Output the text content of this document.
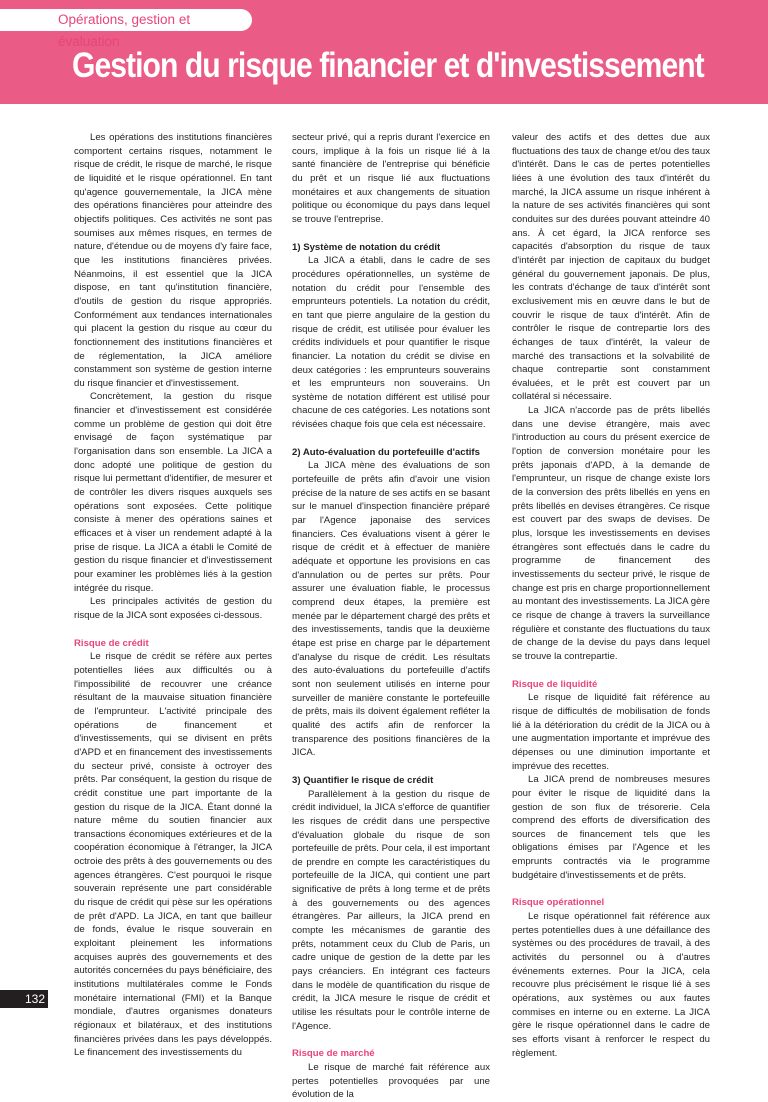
Opérations, gestion et évaluation
Gestion du risque financier et d'investissement

Les opérations des institutions financières comportent certains risques, notamment le risque de crédit, le risque de marché, le risque de liquidité et le risque opérationnel. En tant qu'agence gouvernementale, la JICA mène des opérations financières pour atteindre des objectifs politiques. Ces activités ne sont pas soumises aux mêmes risques, en termes de nature, d'étendue ou de moyens d'y faire face, que les institutions financières privées. Néanmoins, il est essentiel que la JICA dispose, en tant qu'institution financière, d'outils de gestion du risque appropriés. Conformément aux tendances internationales qui placent la gestion du risque au cœur du fonctionnement des institutions financières et de réglementation, la JICA améliore constamment son système de gestion interne du risque financier et d'investissement.

Concrètement, la gestion du risque financier et d'investissement est considérée comme un problème de gestion qui doit être envisagé de façon systématique par l'organisation dans son ensemble. La JICA a donc adopté une politique de gestion du risque lui permettant d'identifier, de mesurer et de contrôler les divers risques auxquels ses opérations sont exposées. Cette politique consiste à mener des opérations saines et efficaces et à viser un rendement adapté à la prise de risque. La JICA a établi le Comité de gestion du risque financier et d'investissement pour examiner les problèmes liés à la gestion intégrée du risque.

Les principales activités de gestion du risque de la JICA sont exposées ci-dessous.

Risque de crédit

Le risque de crédit se réfère aux pertes potentielles liées aux difficultés ou à l'impossibilité de recouvrer une créance résultant de la mauvaise situation financière de l'emprunteur. L'activité principale des opérations de financement et d'investissements, qui se divisent en prêts d'APD et en financement des investissements du secteur privé, consiste à octroyer des prêts. Par conséquent, la gestion du risque de crédit constitue une part importante de la gestion du risque de la JICA. Étant donné la nature même du soutien financier aux transactions économiques extérieures et de la coopération économique à l'étranger, la JICA octroie des prêts à des gouvernements ou des agences étrangères. C'est pourquoi le risque souverain représente une part considérable du risque de crédit qui pèse sur les opérations de prêt d'APD. La JICA, en tant que bailleur de fonds, évalue le risque souverain en exploitant pleinement les informations acquises auprès des gouvernements et des autorités concernées du pays bénéficiaire, des institutions multilatérales comme le Fonds monétaire international (FMI) et la Banque mondiale, d'autres organismes donateurs régionaux et bilatéraux, et des institutions financières privées dans les pays développés. Le financement des investissements du

secteur privé, qui a repris durant l'exercice en cours, implique à la fois un risque lié à la santé financière de l'entreprise qui bénéficie du prêt et un risque lié aux fluctuations monétaires et aux changements de situation politique ou économique du pays dans lequel se trouve l'entreprise.

1) Système de notation du crédit

La JICA a établi, dans le cadre de ses procédures opérationnelles, un système de notation du crédit pour l'ensemble des emprunteurs potentiels. La notation du crédit, en tant que pierre angulaire de la gestion du risque de crédit, est utilisée pour évaluer les crédits individuels et pour quantifier le risque financier. La notation du crédit se divise en deux catégories : les emprunteurs souverains et les emprunteurs non souverains. Un système de notation différent est utilisé pour chacune de ces catégories. Les notations sont révisées chaque fois que cela est nécessaire.

2) Auto-évaluation du portefeuille d'actifs

La JICA mène des évaluations de son portefeuille de prêts afin d'avoir une vision précise de la nature de ses actifs en se basant sur le manuel d'inspection financière préparé par l'Agence japonaise des services financiers. Ces évaluations visent à gérer le risque de crédit et à effectuer de manière adéquate et opportune les provisions en cas d'annulation ou de pertes sur prêts. Pour assurer une évaluation fiable, le processus comprend deux étapes, la première est menée par le département chargé des prêts et des investissements, tandis que la deuxième étape est prise en charge par le département d'analyse du risque de crédit. Les résultats des auto-évaluations du portefeuille d'actifs sont non seulement utilisés en interne pour surveiller de manière constante le portefeuille de prêts, mais ils doivent également refléter la qualité des actifs afin de renforcer la transparence des positions financières de la JICA.

3) Quantifier le risque de crédit

Parallèlement à la gestion du risque de crédit individuel, la JICA s'efforce de quantifier les risques de crédit dans une perspective d'évaluation globale du risque de son portefeuille de prêts. Pour cela, il est important de prendre en compte les caractéristiques du portefeuille de la JICA, qui contient une part significative de prêts à long terme et de prêts à des gouvernements ou des agences étrangères. Par ailleurs, la JICA prend en compte les mécanismes de garantie des prêts, notamment ceux du Club de Paris, un cadre unique de gestion de la dette par les pays créanciers. En intégrant ces facteurs dans le modèle de quantification du risque de crédit, la JICA mesure le risque de crédit et utilise les résultats pour le contrôle interne de l'Agence.

Risque de marché

Le risque de marché fait référence aux pertes potentielles provoquées par une évolution de la

valeur des actifs et des dettes due aux fluctuations des taux de change et/ou des taux d'intérêt. Dans le cas de pertes potentielles liées à une évolution des taux d'intérêt du marché, la JICA assume un risque inhérent à la nature de ses activités financières qui sont conduites sur des durées pouvant atteindre 40 ans. À cet égard, la JICA renforce ses capacités d'absorption du risque de taux d'intérêt par injection de capitaux du budget général du gouvernement japonais. De plus, les contrats d'échange de taux d'intérêt sont exclusivement mis en œuvre dans le but de couvrir le risque de taux d'intérêt. Afin de contrôler le risque de contrepartie lors des échanges de taux d'intérêt, la valeur de marché des transactions et la solvabilité de chaque contrepartie sont constamment évaluées, et le prêt est couvert par un collatéral si nécessaire.

La JICA n'accorde pas de prêts libellés dans une devise étrangère, mais avec l'introduction au cours du présent exercice de l'option de conversion monétaire pour les prêts japonais d'APD, à la demande de l'emprunteur, un risque de change existe lors de la conversion des prêts libellés en yens en prêts libellés en devises étrangères. Ce risque est couvert par des swaps de devises. De plus, lorsque les investissements en devises étrangères sont effectués dans le cadre du programme de financement des investissements du secteur privé, le risque de change est pris en charge proportionnellement au montant des investissements. La JICA gère ce risque de change à travers la surveillance régulière et constante des fluctuations du taux de change de la devise du pays dans lequel se trouve la contrepartie.

Risque de liquidité

Le risque de liquidité fait référence au risque de difficultés de mobilisation de fonds lié à la détérioration du crédit de la JICA ou à une augmentation importante et imprévue des dépenses ou une diminution importante et imprévue des recettes.

La JICA prend de nombreuses mesures pour éviter le risque de liquidité dans la gestion de son flux de trésorerie. Cela comprend des efforts de diversification des sources de financement tels que les obligations émises par l'Agence et les emprunts contractés via le programme budgétaire d'investissements et de prêts.

Risque opérationnel

Le risque opérationnel fait référence aux pertes potentielles dues à une défaillance des systèmes ou des procédures de travail, à des activités du personnel ou à d'autres événements externes. Pour la JICA, cela recouvre plus précisément le risque lié à ses opérations, aux systèmes ou aux fautes commises en interne ou en externe. La JICA gère le risque opérationnel dans le cadre de ses efforts visant à renforcer le respect du règlement.

132
